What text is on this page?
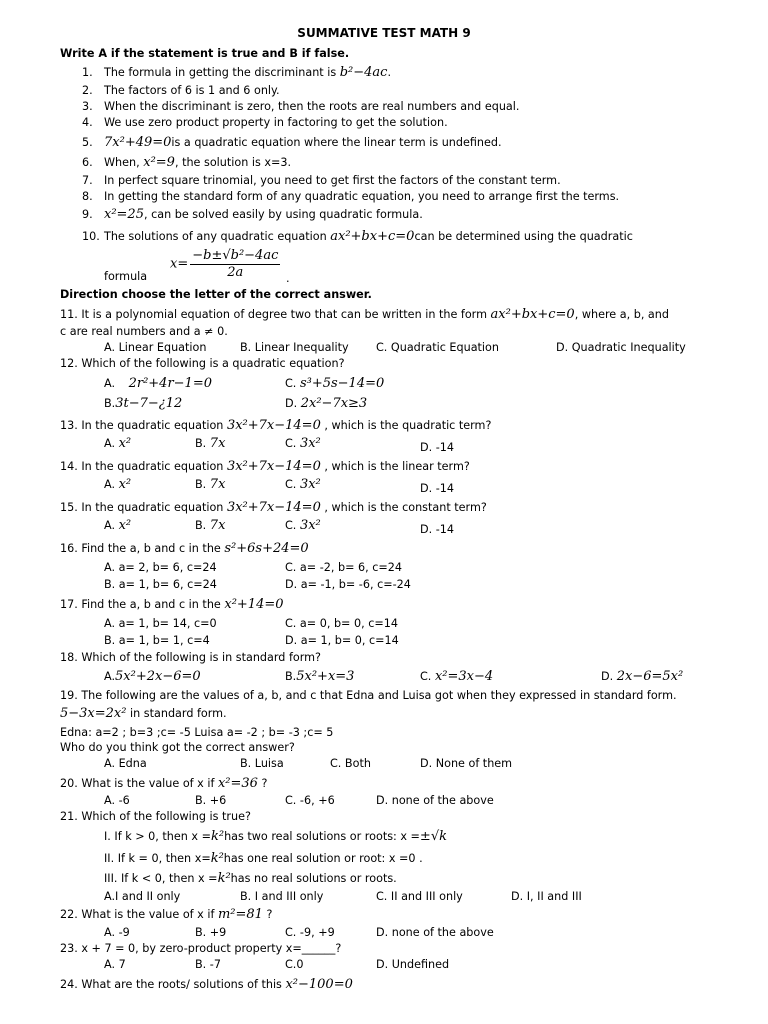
SUMMATIVE TEST MATH 9
Write A if the statement is true and B if false.
1. The formula in getting the discriminant is b²−4ac.
2. The factors of 6 is 1 and 6 only.
3. When the discriminant is zero, then the roots are real numbers and equal.
4. We use zero product property in factoring to get the solution.
5. 7x²+49=0is a quadratic equation where the linear term is undefined.
6. When, x²=9, the solution is x=3.
7. In perfect square trinomial, you need to get first the factors of the constant term.
8. In getting the standard form of any quadratic equation, you need to arrange first the terms.
9. x²=25, can be solved easily by using quadratic formula.
10. The solutions of any quadratic equation ax²+bx+c=0can be determined using the quadratic
formula
$x= \frac{\text{−b±√b²−4ac}}{2a}$ .
Direction choose the letter of the correct answer.
11. It is a polynomial equation of degree two that can be written in the form ax²+bx+c=0, where a, b, and
c are real numbers and a ≠ 0.
A. Linear Equation	B. Linear Inequality C. Quadratic Equation	D. Quadratic Inequality
12. Which of the following is a quadratic equation?
A. 2r²+4r−1=0	C. s³+5s−14=0
B.3t−7−¿12	D. 2x²−7x≥3
13. In the quadratic equation 3x²+7x−14=0 , which is the quadratic term?
A. x²	B. 7x	C. 3x²	D. -14
14. In the quadratic equation 3x²+7x−14=0 , which is the linear term?
A. x²	B. 7x	C. 3x²	D. -14
15. In the quadratic equation 3x²+7x−14=0 , which is the constant term?
A. x²	B. 7x	C. 3x²	D. -14
16. Find the a, b and c in the s²+6s+24=0
A. a= 2, b= 6, c=24	C. a= -2, b= 6, c=24
B. a= 1, b= 6, c=24	D. a= -1, b= -6, c=-24
17. Find the a, b and c in the x²+14=0
A. a= 1, b= 14, c=0	C. a= 0, b= 0, c=14
B. a= 1, b= 1, c=4	D. a= 1, b= 0, c=14
18. Which of the following is in standard form?
A.5x²+2x−6=0	B.5x²+x=3	C. x²=3x−4	D. 2x−6=5x²
19. The following are the values of a, b, and c that Edna and Luisa got when they expressed in standard form.
5−3x=2x² in standard form.
Edna: a=2 ; b=3 ;c= -5 Luisa a= -2 ; b= -3 ;c= 5
Who do you think got the correct answer?
A. Edna	B. Luisa	C. Both	D. None of them
20. What is the value of x if x²=36 ?
A. -6	B. +6	C. -6, +6	D. none of the above
21. Which of the following is true?
I. If k > 0, then x =k²has two real solutions or roots: x =±√k
II. If k = 0, then x=k²has one real solution or root: x =0 .
III. If k < 0, then x =k²has no real solutions or roots.
A.I and II only	B. I and III only	C. II and III only	D. I, II and III
22. What is the value of x if m²=81 ?
A. -9	B. +9	C. -9, +9	D. none of the above
23. x + 7 = 0, by zero-product property x=______?
A. 7	B. -7	C.0	D. Undefined
24. What are the roots/ solutions of this x²−100=0
